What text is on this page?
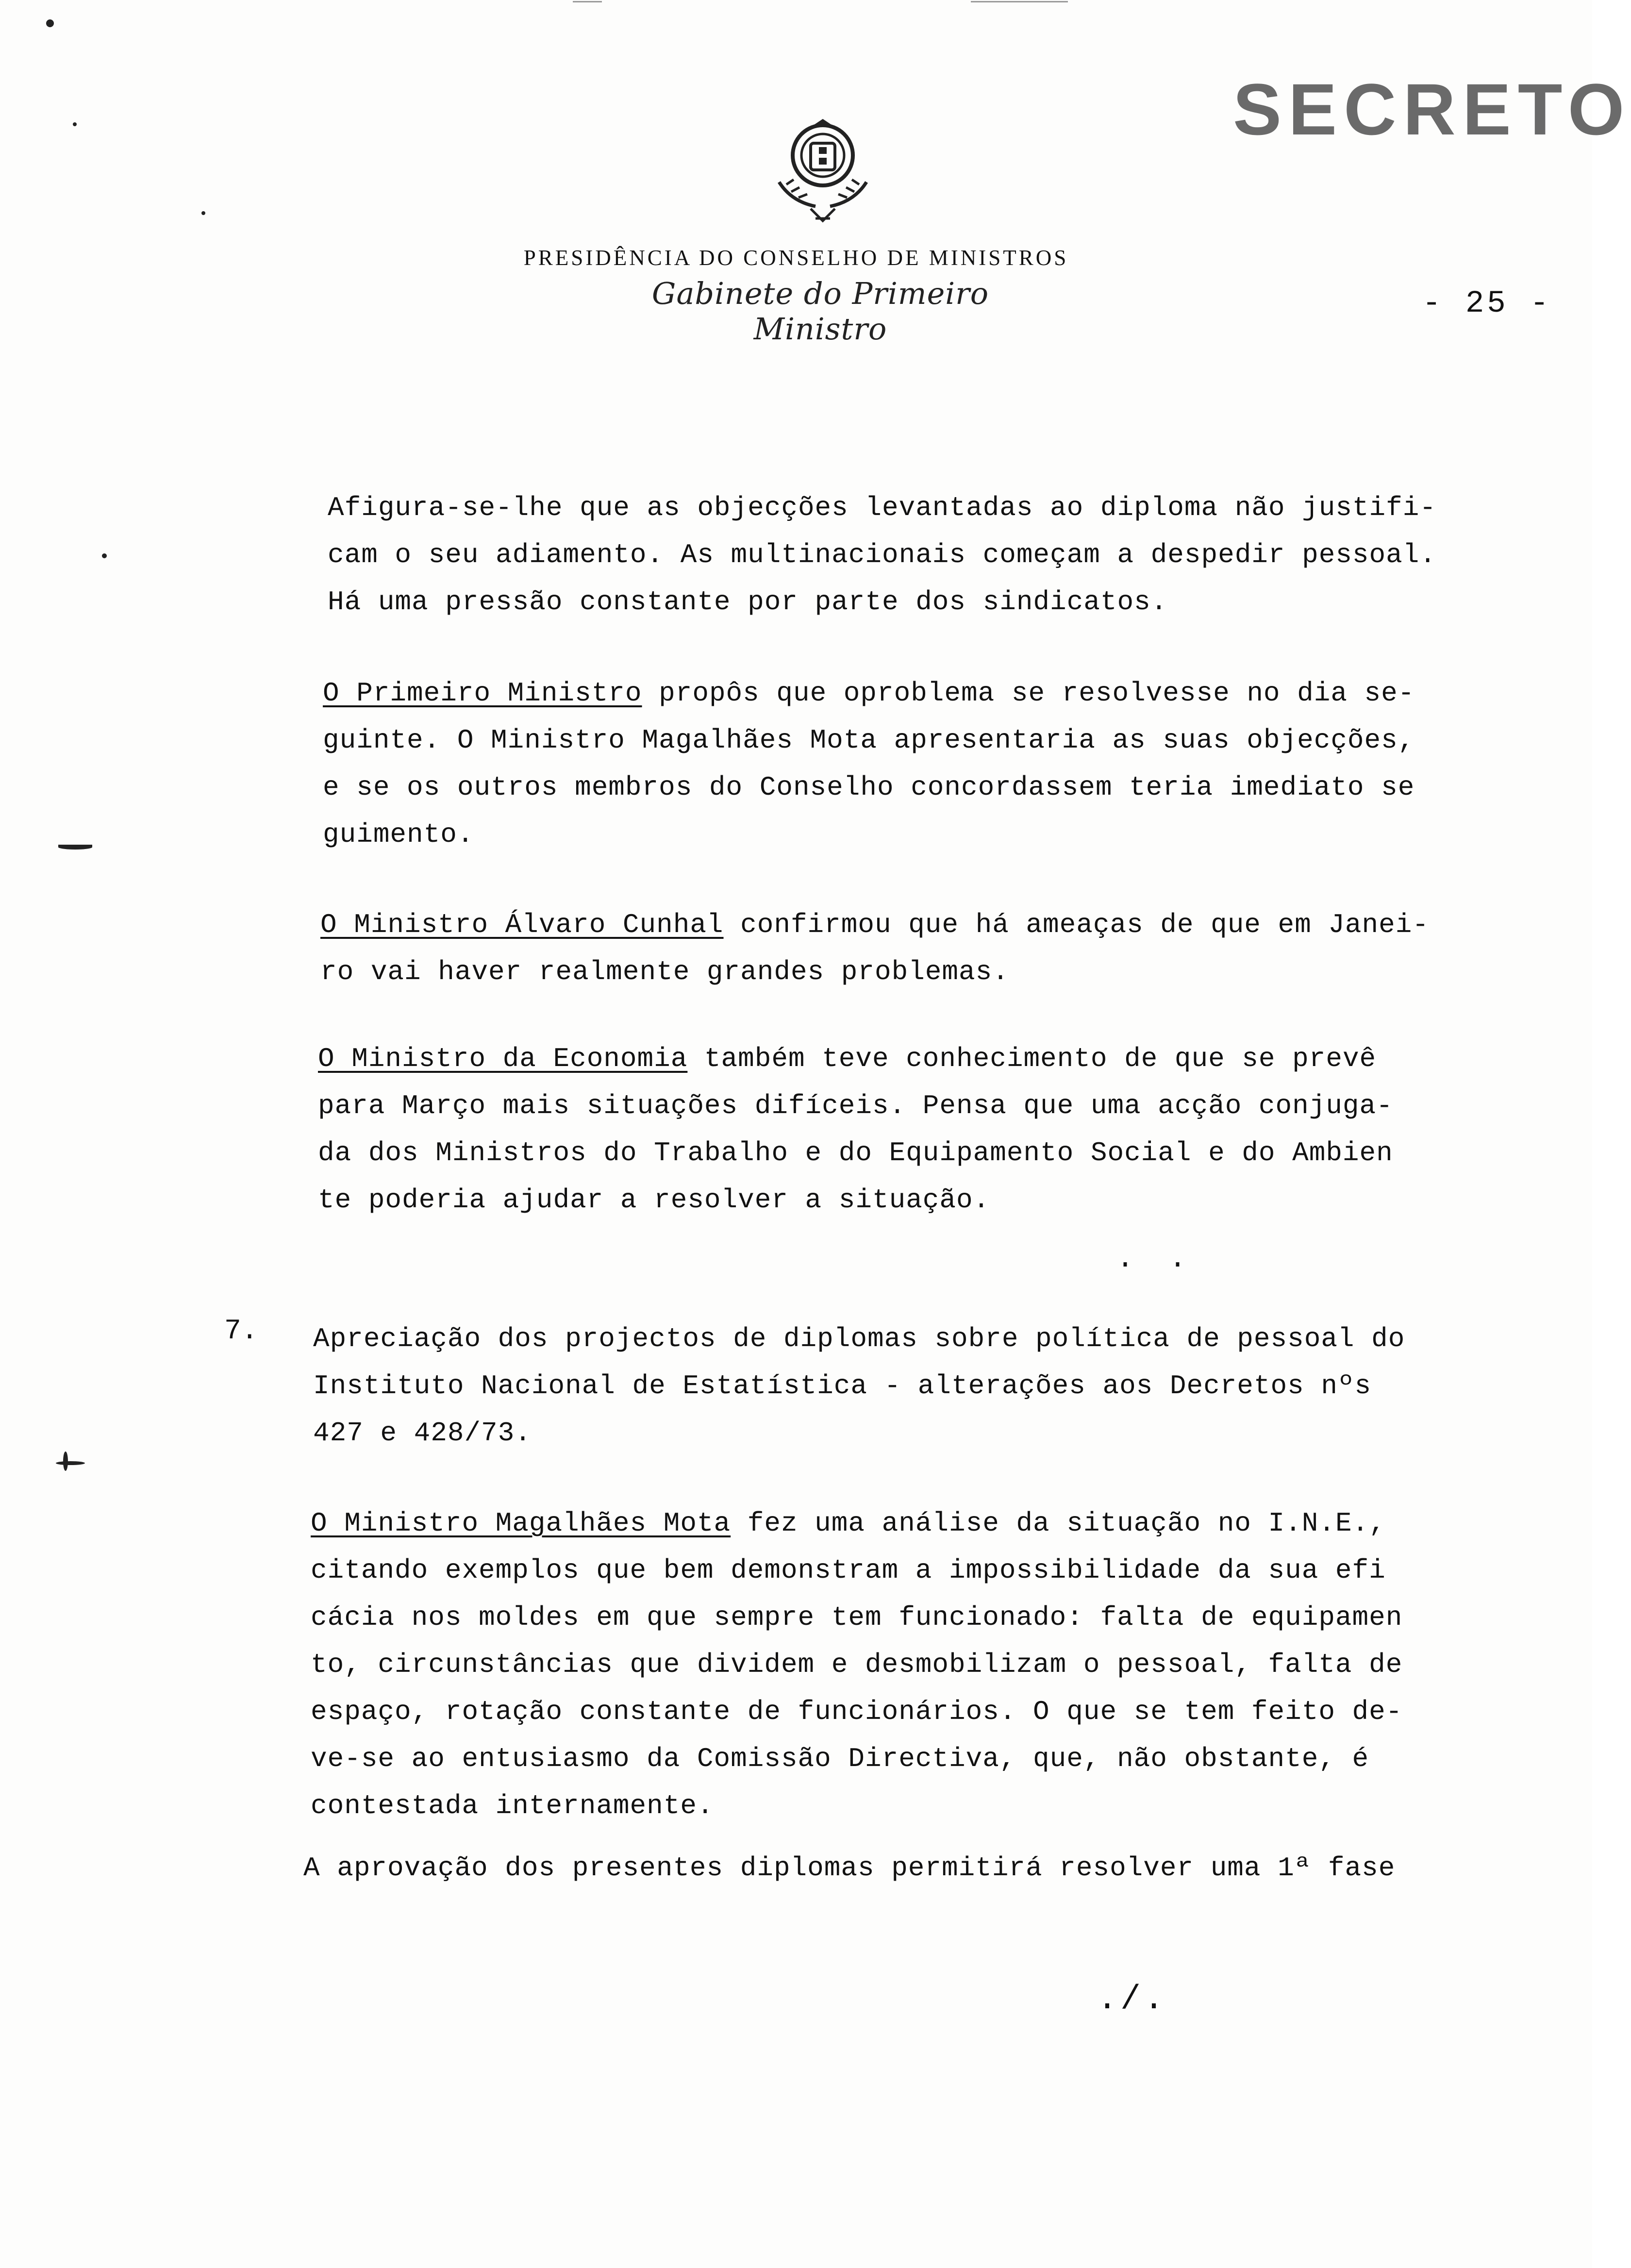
SECRETO
PRESIDÊNCIA DO CONSELHO DE MINISTROS
Gabinete do Primeiro Ministro
- 25 -
Afigura-se-lhe que as objecções levantadas ao diploma não justifi-
cam o seu adiamento. As multinacionais começam a despedir pessoal.
Há uma pressão constante por parte dos sindicatos.
O Primeiro Ministro propôs que oproblema se resolvesse no dia se-
guinte. O Ministro Magalhães Mota apresentaria as suas objecções,
e se os outros membros do Conselho concordassem teria imediato se
guimento.
O Ministro Álvaro Cunhal confirmou que há ameaças de que em Janei-
ro vai haver realmente grandes problemas.
O Ministro da Economia também teve conhecimento de que se prevê
para Março mais situações difíceis. Pensa que uma acção conjuga-
da dos Ministros do Trabalho e do Equipamento Social e do Ambien
te poderia ajudar a resolver a situação.
. .
7. Apreciação dos projectos de diplomas sobre política de pessoal do
Instituto Nacional de Estatística - alterações aos Decretos nºs
427 e 428/73.
O Ministro Magalhães Mota fez uma análise da situação no I.N.E.,
citando exemplos que bem demonstram a impossibilidade da sua efi
cácia nos moldes em que sempre tem funcionado: falta de equipamen
to, circunstâncias que dividem e desmobilizam o pessoal, falta de
espaço, rotação constante de funcionários. O que se tem feito de-
ve-se ao entusiasmo da Comissão Directiva, que, não obstante, é
contestada internamente.
A aprovação dos presentes diplomas permitirá resolver uma 1ª fase
./.
